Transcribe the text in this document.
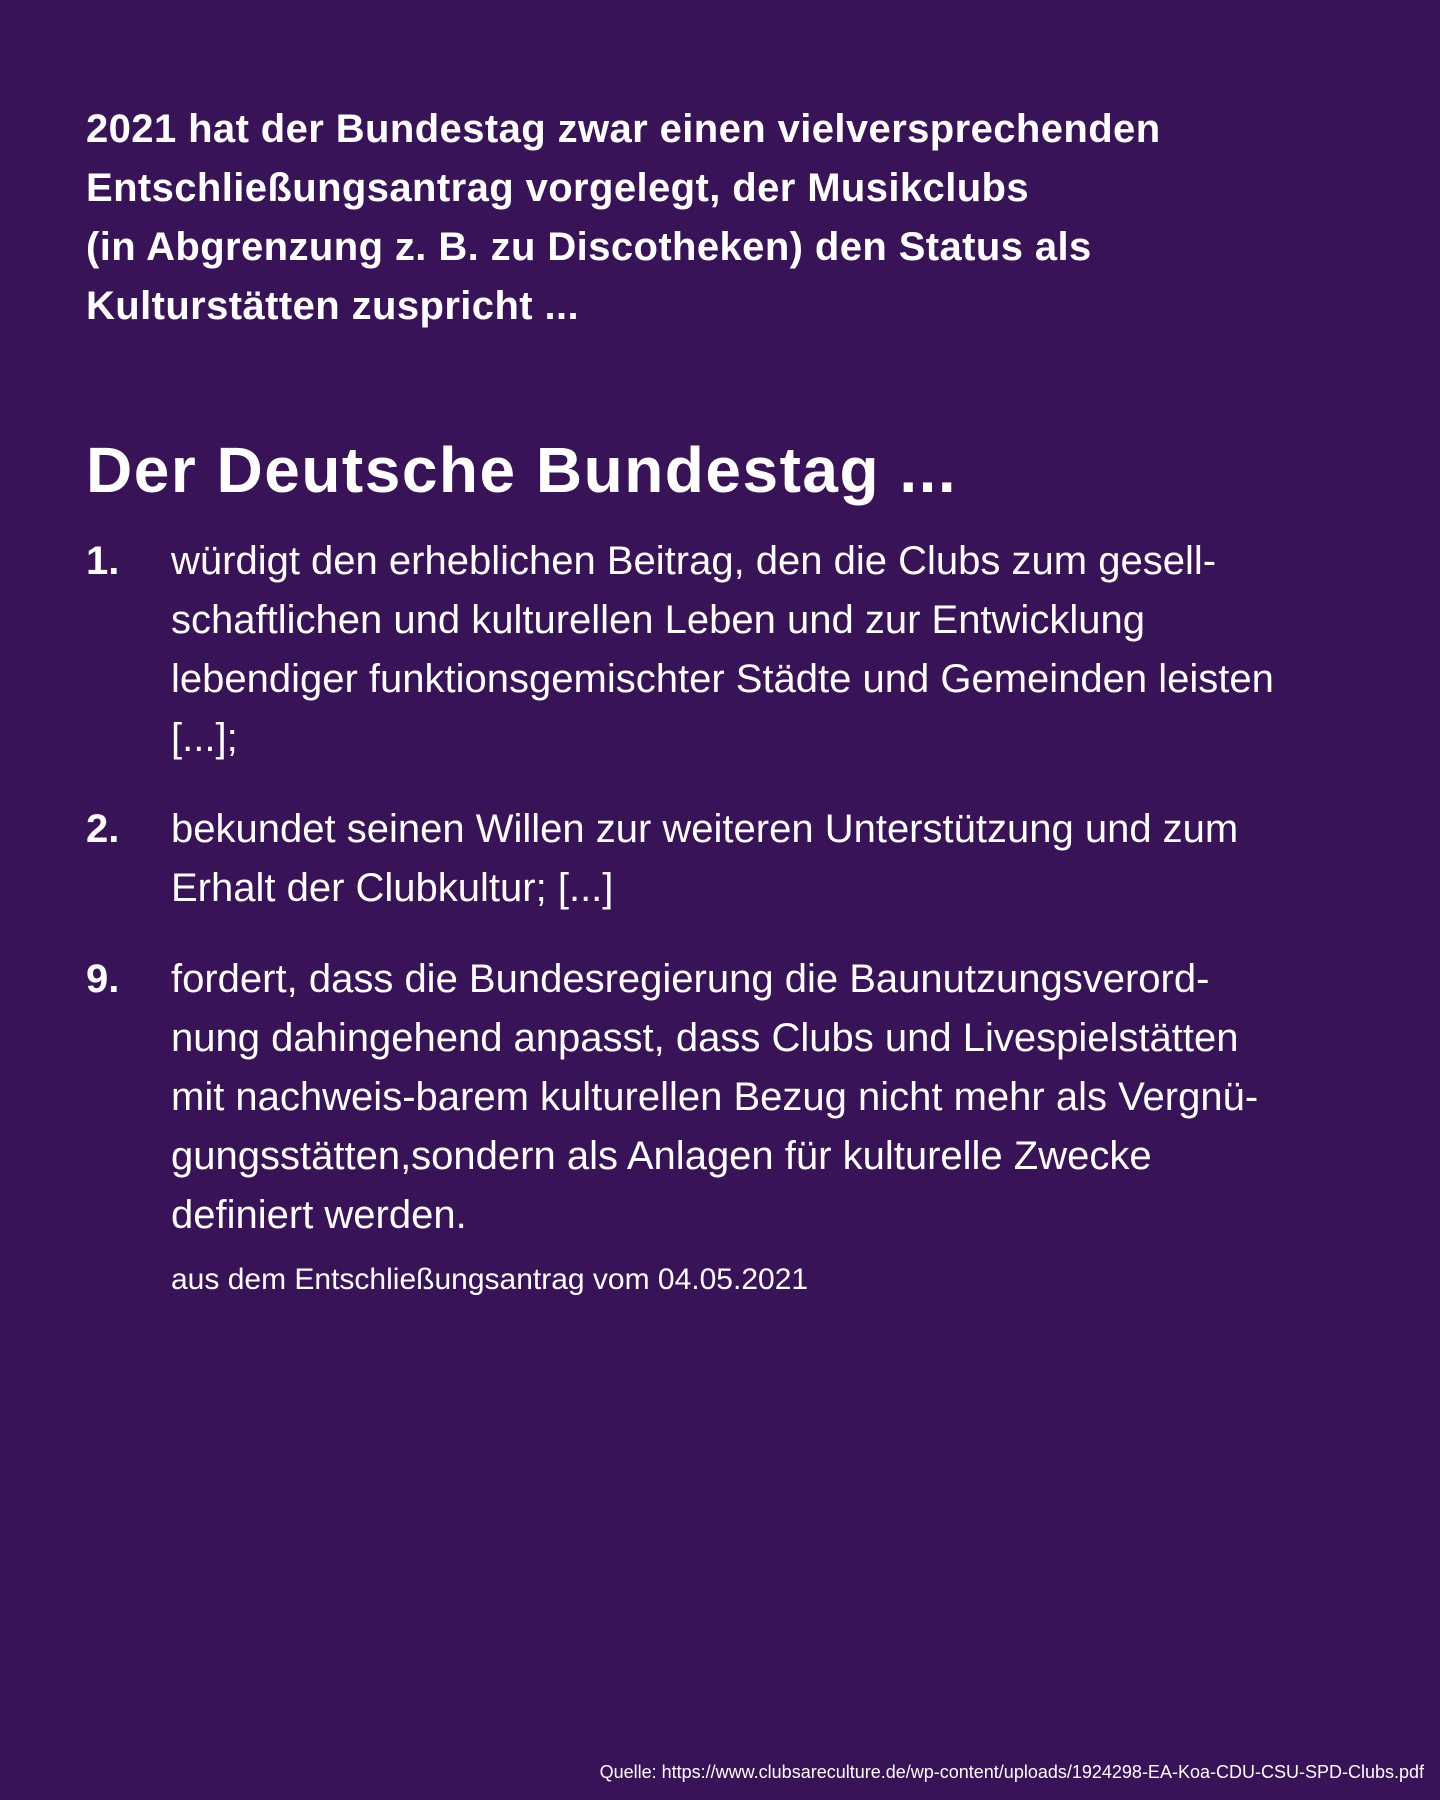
2021 hat der Bundestag zwar einen vielversprechenden
Entschließungsantrag vorgelegt, der Musikclubs
(in Abgrenzung z. B. zu Discotheken) den Status als
Kulturstätten zuspricht ...

Der Deutsche Bundestag ...
1. würdigt den erheblichen Beitrag, den die Clubs zum gesell-
schaftlichen und kulturellen Leben und zur Entwicklung
lebendiger funktionsgemischter Städte und Gemeinden leisten
[...];
2. bekundet seinen Willen zur weiteren Unterstützung und zum
Erhalt der Clubkultur; [...]
9. fordert, dass die Bundesregierung die Baunutzungsverord-
nung dahingehend anpasst, dass Clubs und Livespielstätten
mit nachweis-barem kulturellen Bezug nicht mehr als Vergnü-
gungsstätten,sondern als Anlagen für kulturelle Zwecke
definiert werden.

aus dem Entschließungsantrag vom 04.05.2021

Quelle: https://www.clubsareculture.de/wp-content/uploads/1924298-EA-Koa-CDU-CSU-SPD-Clubs.pdf
